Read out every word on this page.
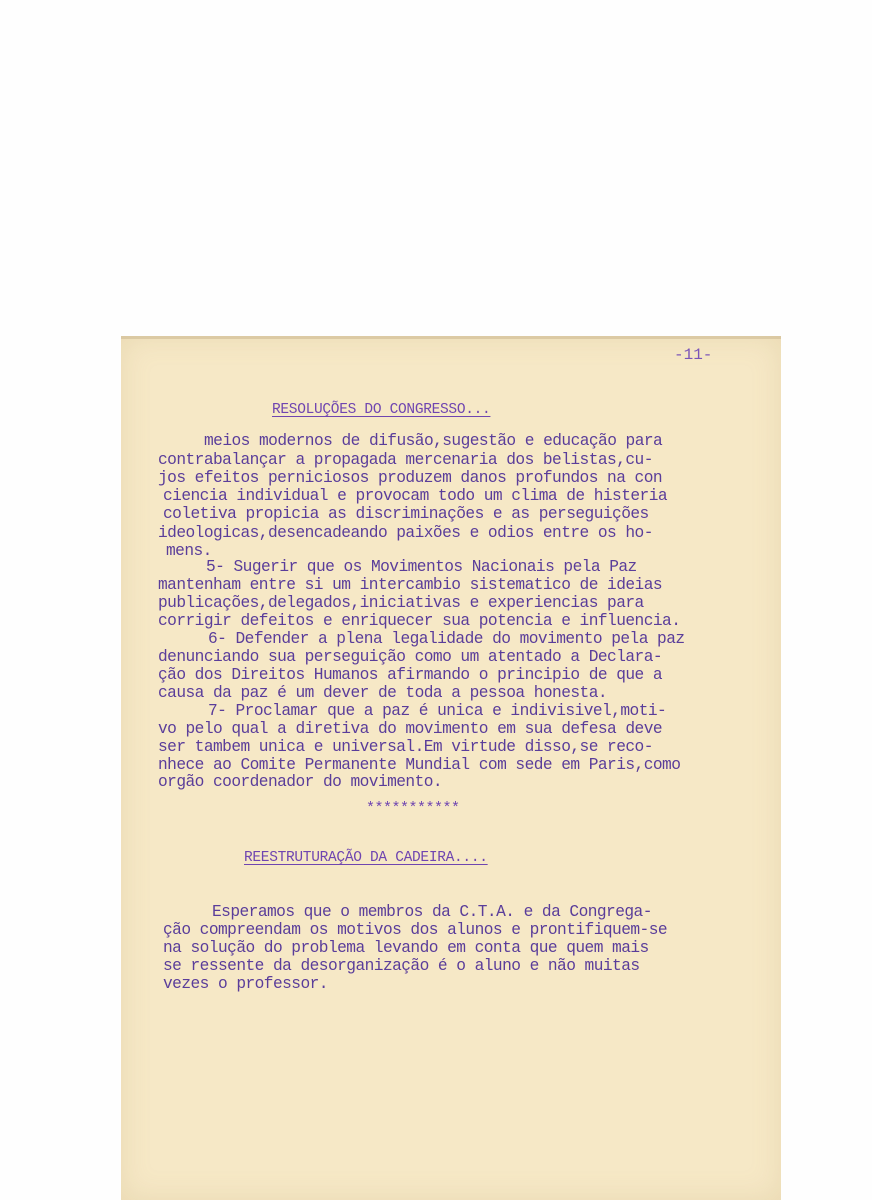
-11-
RESOLUÇÕES DO CONGRESSO...
meios modernos de difusão,sugestão e educação para
contrabalançar a propagada mercenaria dos belistas,cu-
jos efeitos perniciosos produzem danos profundos na con
ciencia individual e provocam todo um clima de histeria
coletiva propicia as discriminações e as perseguições
ideologicas,desencadeando paixões e odios entre os ho-
mens.
5- Sugerir que os Movimentos Nacionais pela Paz
mantenham entre si um intercambio sistematico de ideias
publicações,delegados,iniciativas e experiencias para
corrigir defeitos e enriquecer sua potencia e influencia.
6- Defender a plena legalidade do movimento pela paz
denunciando sua perseguição como um atentado a Declara-
ção dos Direitos Humanos afirmando o principio de que a
causa da paz é um dever de toda a pessoa honesta.
7- Proclamar que a paz é unica e indivisivel,moti-
vo pelo qual a diretiva do movimento em sua defesa deve
ser tambem unica e universal.Em virtude disso,se reco-
nhece ao Comite Permanente Mundial com sede em Paris,como
orgão coordenador do movimento.
***********
REESTRUTURAÇÃO DA CADEIRA....
Esperamos que o membros da C.T.A. e da Congrega-
ção compreendam os motivos dos alunos e prontifiquem-se
na solução do problema levando em conta que quem mais
se ressente da desorganização é o aluno e não muitas
vezes o professor.
